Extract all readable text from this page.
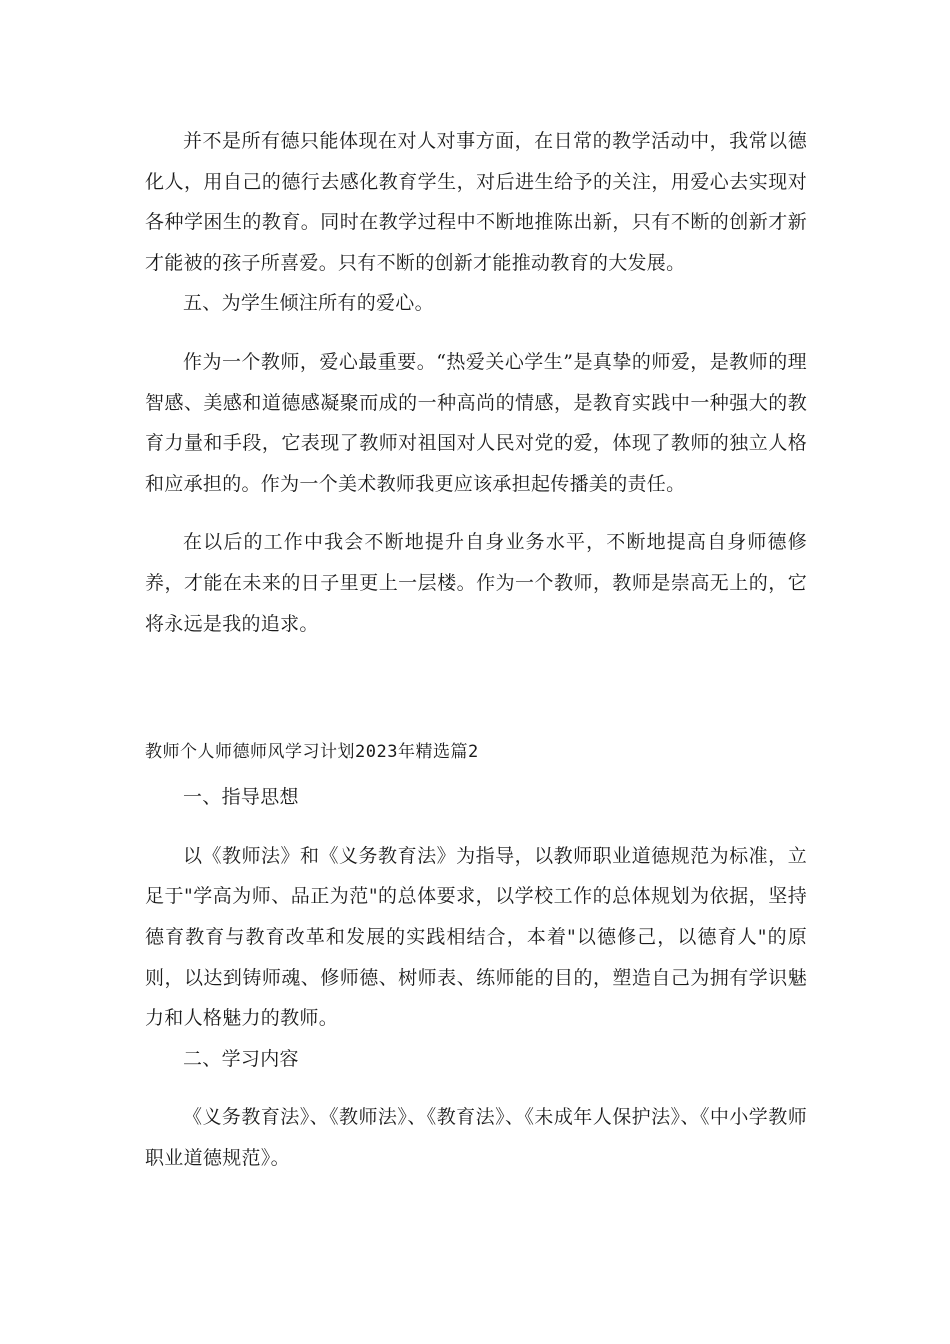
并不是所有德只能体现在对人对事方面，在日常的教学活动中，我常以德化人，用自己的德行去感化教育学生，对后进生给予的关注，用爱心去实现对各种学困生的教育。同时在教学过程中不断地推陈出新，只有不断的创新才新才能被的孩子所喜爱。只有不断的创新才能推动教育的大发展。

五、为学生倾注所有的爱心。

作为一个教师，爱心最重要。“热爱关心学生”是真挚的师爱，是教师的理智感、美感和道德感凝聚而成的一种高尚的情感，是教育实践中一种强大的教育力量和手段，它表现了教师对祖国对人民对党的爱，体现了教师的独立人格和应承担的。作为一个美术教师我更应该承担起传播美的责任。

在以后的工作中我会不断地提升自身业务水平，不断地提高自身师德修养，才能在未来的日子里更上一层楼。作为一个教师，教师是崇高无上的，它将永远是我的追求。

教师个人师德师风学习计划2023年精选篇2

一、指导思想

以《教师法》和《义务教育法》为指导，以教师职业道德规范为标准，立足于"学高为师、品正为范"的总体要求，以学校工作的总体规划为依据，坚持德育教育与教育改革和发展的实践相结合，本着"以德修己，以德育人"的原则，以达到铸师魂、修师德、树师表、练师能的目的，塑造自己为拥有学识魅力和人格魅力的教师。

二、学习内容

《义务教育法》、《教师法》、《教育法》、《未成年人保护法》、《中小学教师职业道德规范》。
